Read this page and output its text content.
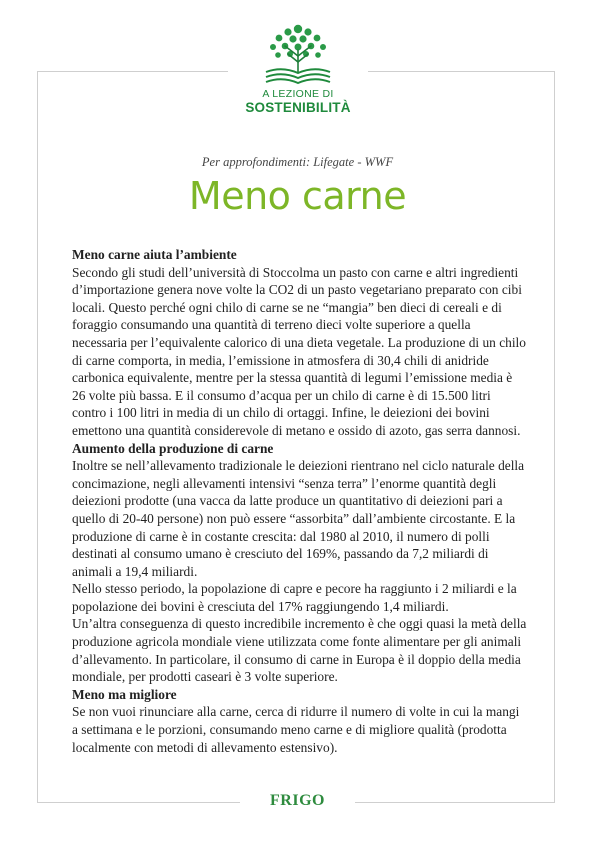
A LEZIONE DI
SOSTENIBILITÀ
Per approfondimenti: Lifegate - WWF
Meno carne
Meno carne aiuta l’ambiente

Secondo gli studi dell’università di Stoccolma un pasto con carne e altri ingredienti d’importazione genera nove volte la CO2 di un pasto vegetariano preparato con cibi locali. Questo perché ogni chilo di carne se ne “mangia” ben dieci di cereali e di foraggio consumando una quantità di terreno dieci volte superiore a quella necessaria per l’equivalente calorico di una dieta vegetale. La produzione di un chilo di carne comporta, in media, l’emissione in atmosfera di 30,4 chili di anidride carbonica equivalente, mentre per la stessa quantità di legumi l’emissione media è 26 volte più bassa. E il consumo d’acqua per un chilo di carne è di 15.500 litri contro i 100 litri in media di un chilo di ortaggi. Infine, le deiezioni dei bovini emettono una quantità considerevole di metano e ossido di azoto, gas serra dannosi.

Aumento della produzione di carne

Inoltre se nell’allevamento tradizionale le deiezioni rientrano nel ciclo naturale della concimazione, negli allevamenti intensivi “senza terra” l’enorme quantità degli deiezioni prodotte (una vacca da latte produce un quantitativo di deiezioni pari a quello di 20-40 persone) non può essere “assorbita” dall’ambiente circostante. E la produzione di carne è in costante crescita: dal 1980 al 2010, il numero di polli destinati al consumo umano è cresciuto del 169%, passando da 7,2 miliardi di animali a 19,4 miliardi.

Nello stesso periodo, la popolazione di capre e pecore ha raggiunto i 2 miliardi e la popolazione dei bovini è cresciuta del 17% raggiungendo 1,4 miliardi.

Un’altra conseguenza di questo incredibile incremento è che oggi quasi la metà della produzione agricola mondiale viene utilizzata come fonte alimentare per gli animali d’allevamento. In particolare, il consumo di carne in Europa è il doppio della media mondiale, per prodotti caseari è 3 volte superiore.

Meno ma migliore

Se non vuoi rinunciare alla carne, cerca di ridurre il numero di volte in cui la mangi a settimana e le porzioni, consumando meno carne e di migliore qualità (prodotta localmente con metodi di allevamento estensivo).

FRIGO
